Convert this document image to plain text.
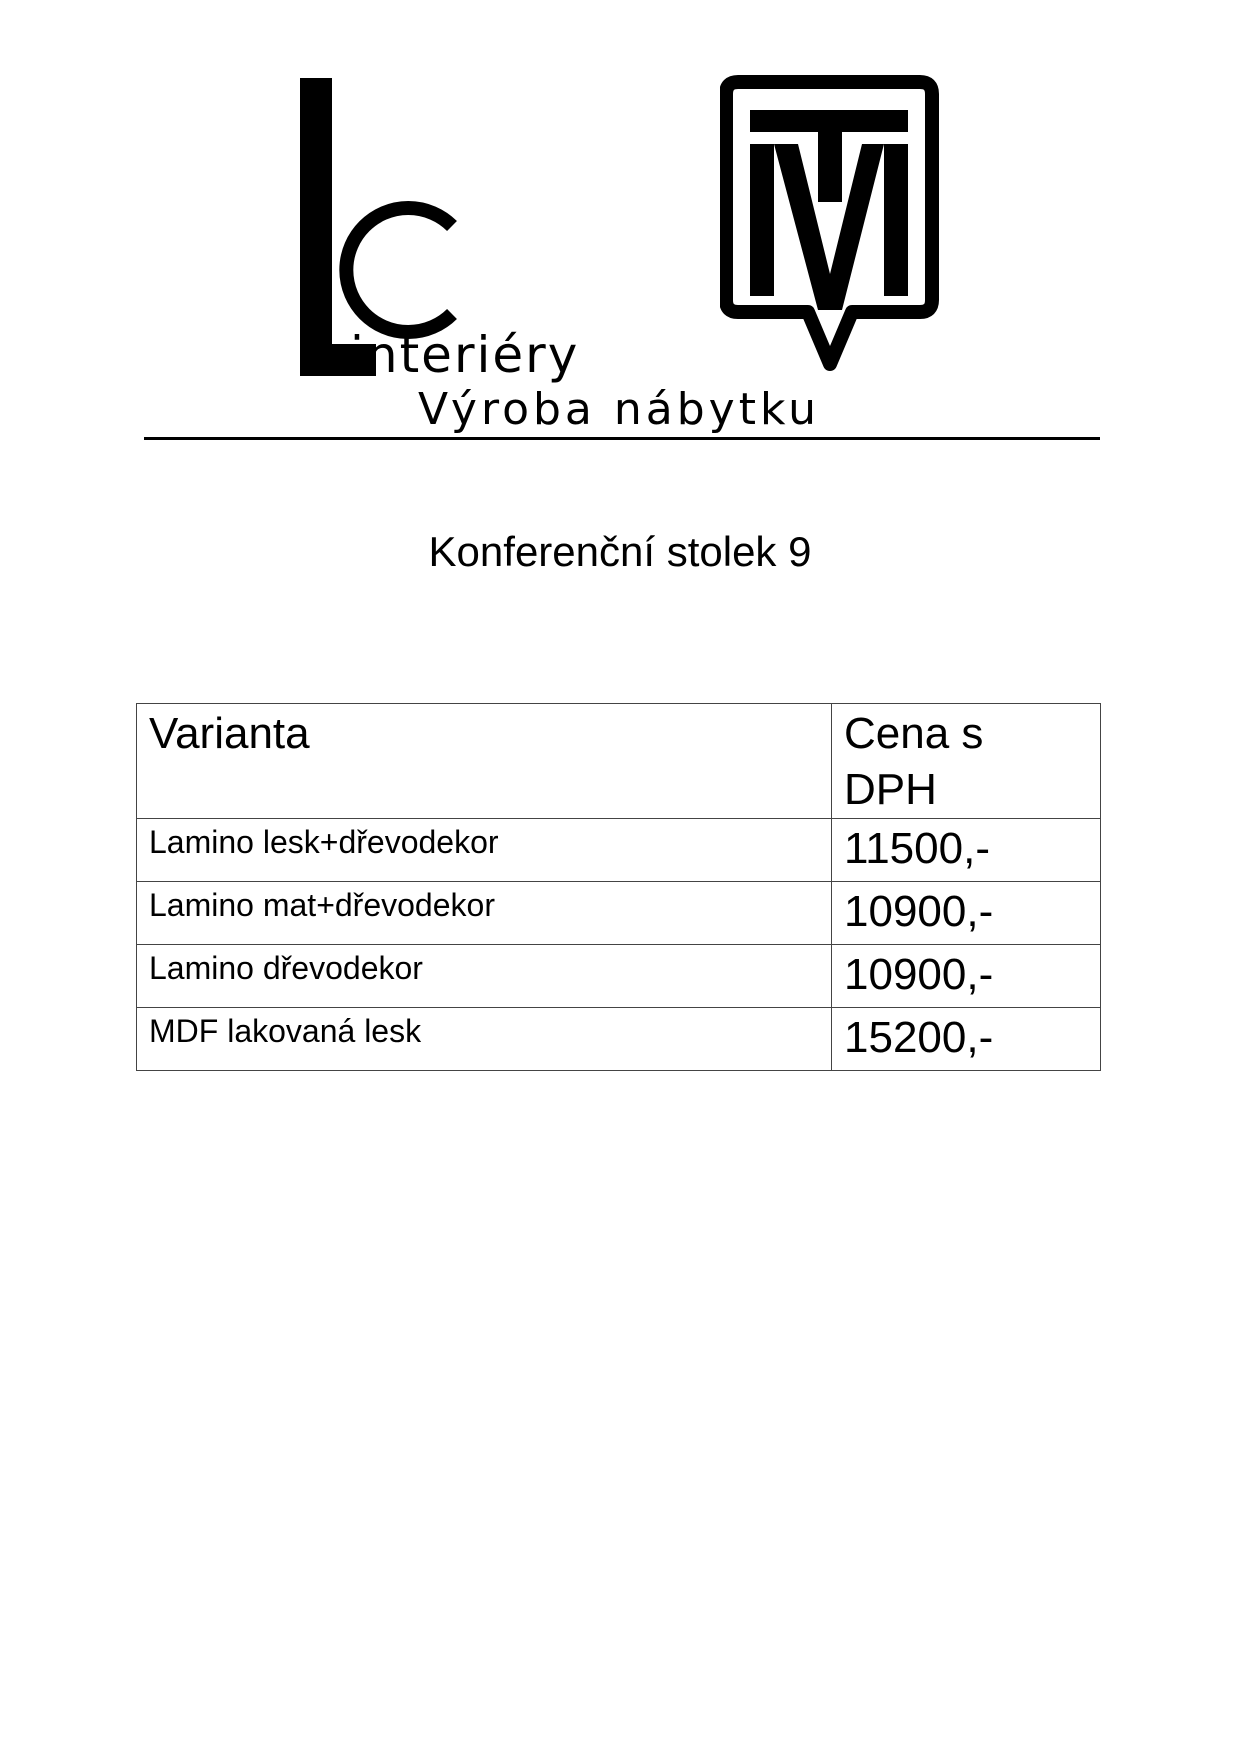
interiéry
Výroba nábytku
Konferenční stolek 9
Varianta	Cena s DPH
Lamino lesk+dřevodekor	11500,-
Lamino mat+dřevodekor	10900,-
Lamino dřevodekor	10900,-
MDF lakovaná lesk	15200,-
